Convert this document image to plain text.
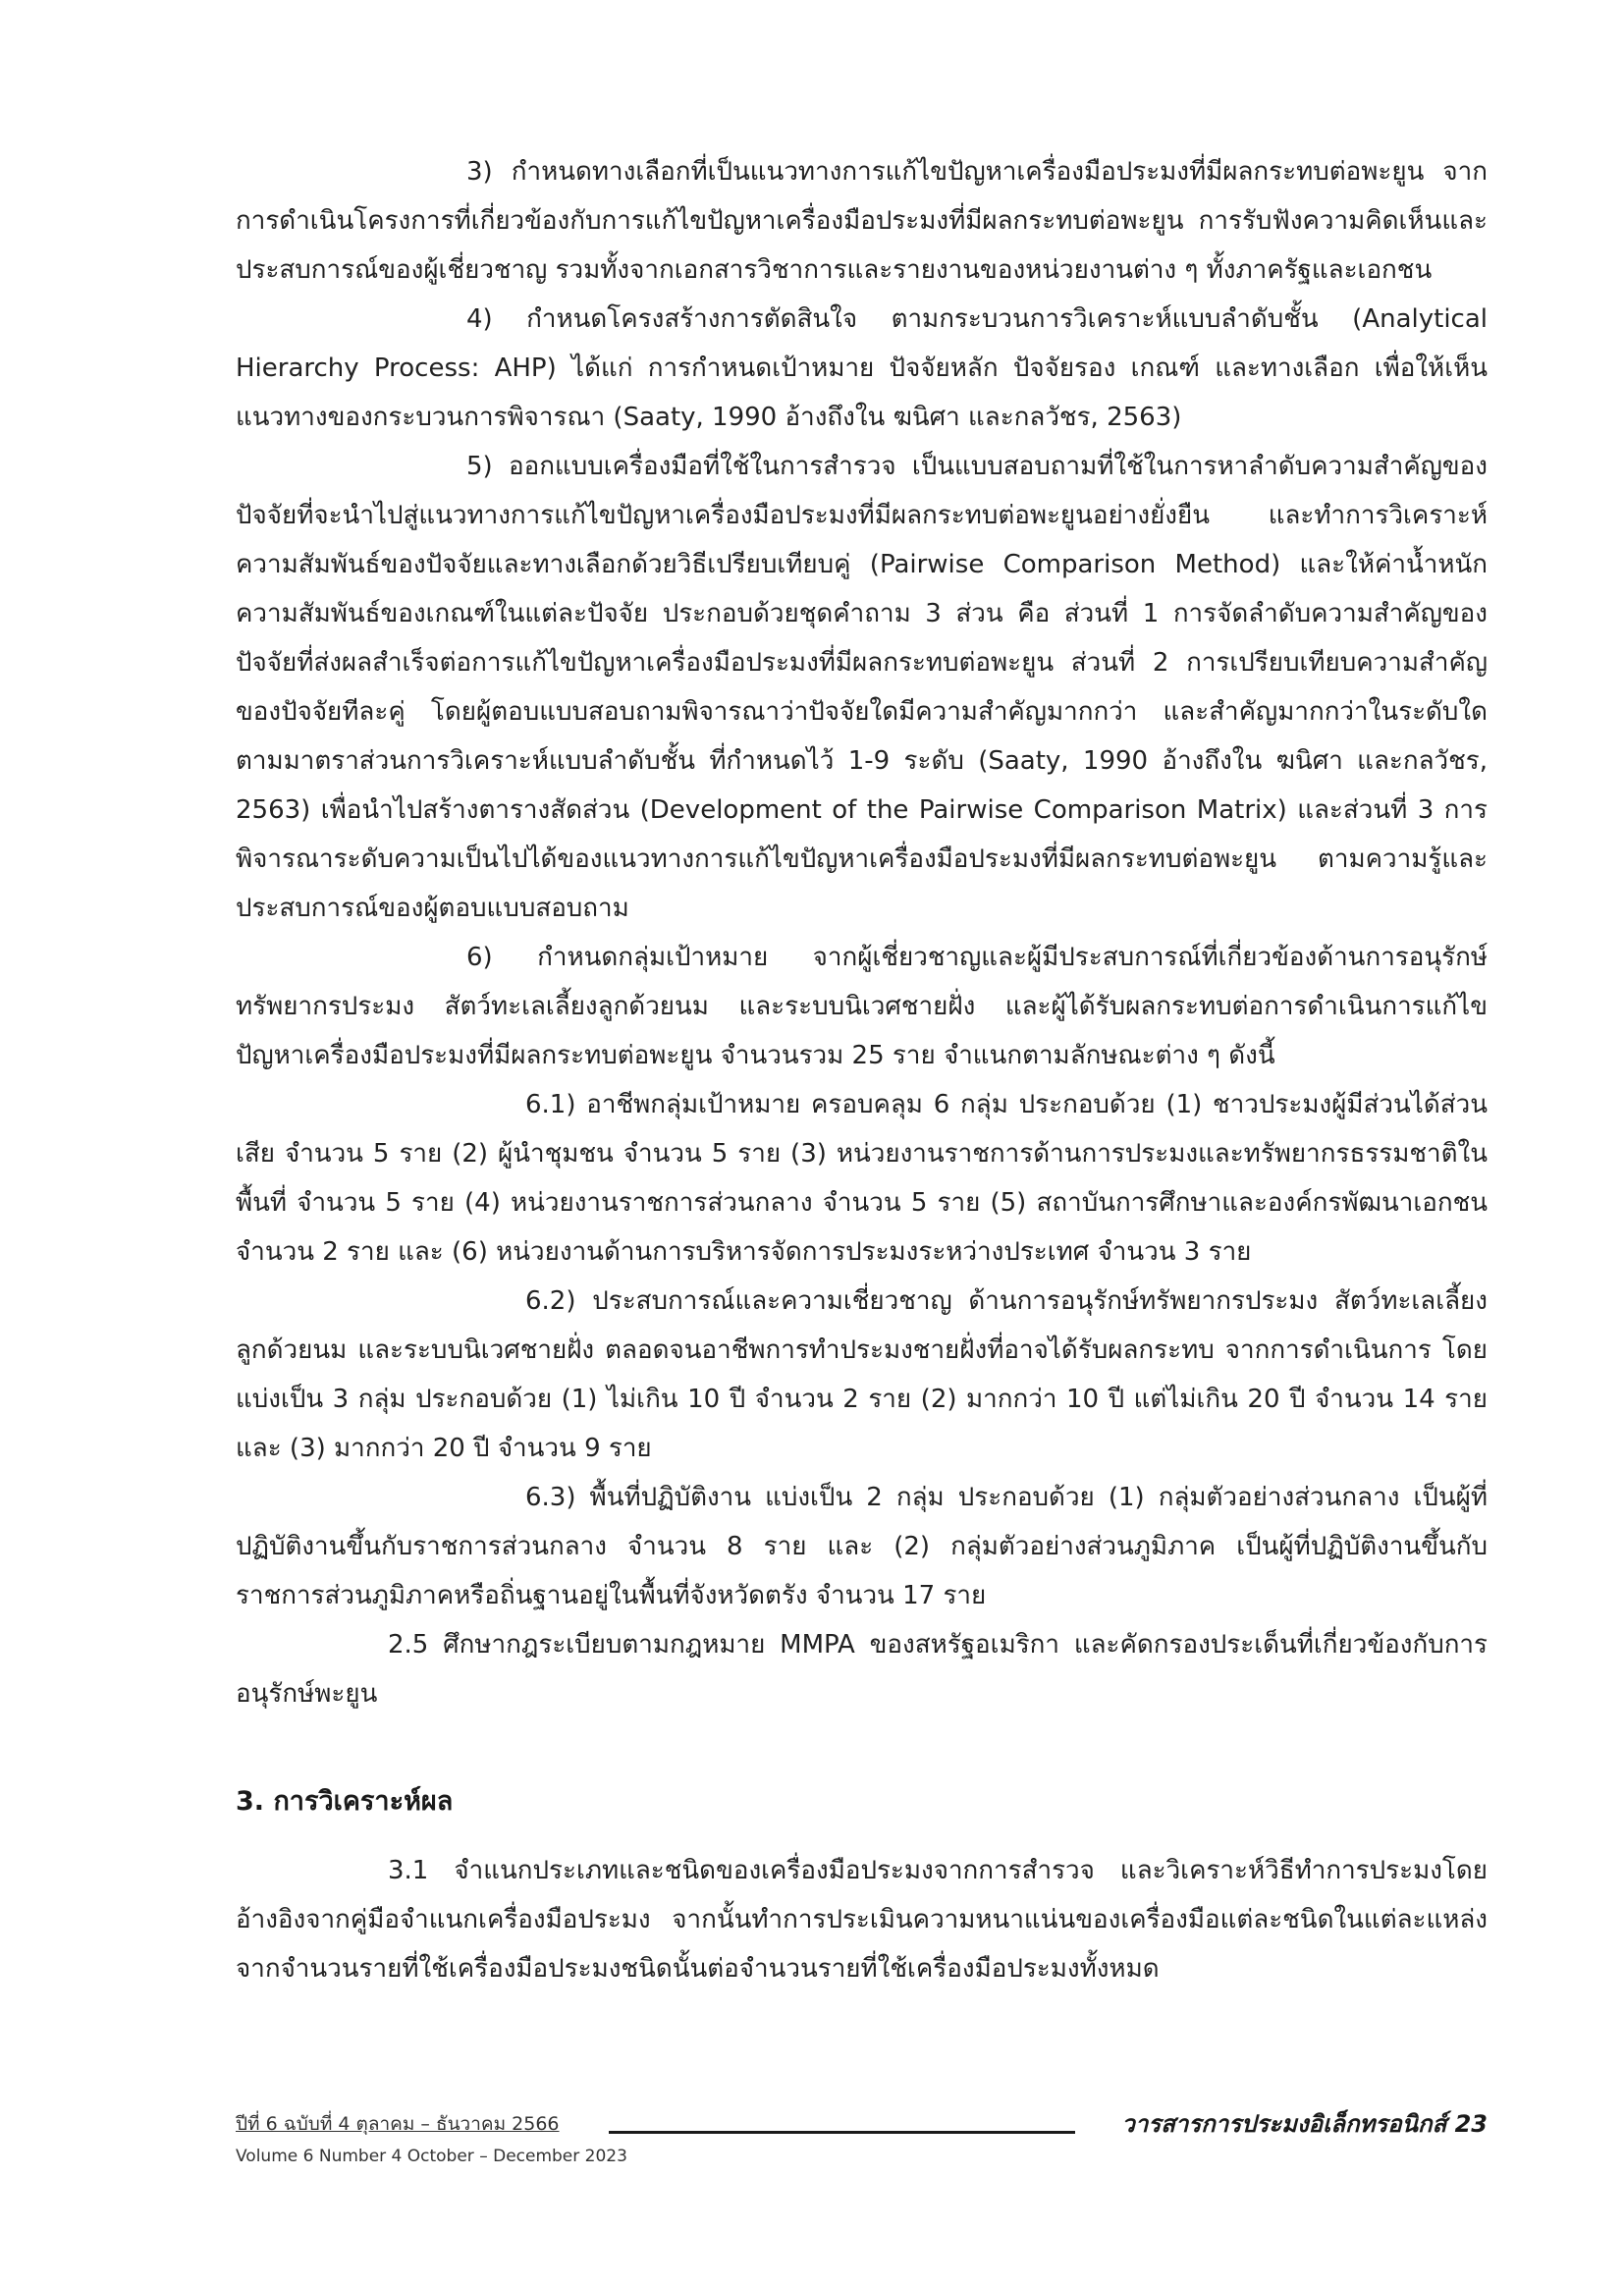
3) กำหนดทางเลือกที่เป็นแนวทางการแก้ไขปัญหาเครื่องมือประมงที่มีผลกระทบต่อพะยูน จากการดำเนินโครงการที่เกี่ยวข้องกับการแก้ไขปัญหาเครื่องมือประมงที่มีผลกระทบต่อพะยูน การรับฟังความคิดเห็นและประสบการณ์ของผู้เชี่ยวชาญ รวมทั้งจากเอกสารวิชาการและรายงานของหน่วยงานต่าง ๆ ทั้งภาครัฐและเอกชน

4) กำหนดโครงสร้างการตัดสินใจ ตามกระบวนการวิเคราะห์แบบลำดับชั้น (Analytical Hierarchy Process: AHP) ได้แก่ การกำหนดเป้าหมาย ปัจจัยหลัก ปัจจัยรอง เกณฑ์ และทางเลือก เพื่อให้เห็นแนวทางของกระบวนการพิจารณา (Saaty, 1990 อ้างถึงใน ฆนิศา และกลวัชร, 2563)

5) ออกแบบเครื่องมือที่ใช้ในการสำรวจ เป็นแบบสอบถามที่ใช้ในการหาลำดับความสำคัญของปัจจัยที่จะนำไปสู่แนวทางการแก้ไขปัญหาเครื่องมือประมงที่มีผลกระทบต่อพะยูนอย่างยั่งยืน และทำการวิเคราะห์ความสัมพันธ์ของปัจจัยและทางเลือกด้วยวิธีเปรียบเทียบคู่ (Pairwise Comparison Method) และให้ค่าน้ำหนักความสัมพันธ์ของเกณฑ์ในแต่ละปัจจัย ประกอบด้วยชุดคำถาม 3 ส่วน คือ ส่วนที่ 1 การจัดลำดับความสำคัญของปัจจัยที่ส่งผลสำเร็จต่อการแก้ไขปัญหาเครื่องมือประมงที่มีผลกระทบต่อพะยูน ส่วนที่ 2 การเปรียบเทียบความสำคัญของปัจจัยทีละคู่ โดยผู้ตอบแบบสอบถามพิจารณาว่าปัจจัยใดมีความสำคัญมากกว่า และสำคัญมากกว่าในระดับใด ตามมาตราส่วนการวิเคราะห์แบบลำดับชั้น ที่กำหนดไว้ 1-9 ระดับ (Saaty, 1990 อ้างถึงใน ฆนิศา และกลวัชร, 2563) เพื่อนำไปสร้างตารางสัดส่วน (Development of the Pairwise Comparison Matrix) และส่วนที่ 3 การพิจารณาระดับความเป็นไปได้ของแนวทางการแก้ไขปัญหาเครื่องมือประมงที่มีผลกระทบต่อพะยูน ตามความรู้และประสบการณ์ของผู้ตอบแบบสอบถาม

6) กำหนดกลุ่มเป้าหมาย จากผู้เชี่ยวชาญและผู้มีประสบการณ์ที่เกี่ยวข้องด้านการอนุรักษ์ทรัพยากรประมง สัตว์ทะเลเลี้ยงลูกด้วยนม และระบบนิเวศชายฝั่ง และผู้ได้รับผลกระทบต่อการดำเนินการแก้ไขปัญหาเครื่องมือประมงที่มีผลกระทบต่อพะยูน จำนวนรวม 25 ราย จำแนกตามลักษณะต่าง ๆ ดังนี้

6.1) อาชีพกลุ่มเป้าหมาย ครอบคลุม 6 กลุ่ม ประกอบด้วย (1) ชาวประมงผู้มีส่วนได้ส่วนเสีย จำนวน 5 ราย (2) ผู้นำชุมชน จำนวน 5 ราย (3) หน่วยงานราชการด้านการประมงและทรัพยากรธรรมชาติในพื้นที่ จำนวน 5 ราย (4) หน่วยงานราชการส่วนกลาง จำนวน 5 ราย (5) สถาบันการศึกษาและองค์กรพัฒนาเอกชน จำนวน 2 ราย และ (6) หน่วยงานด้านการบริหารจัดการประมงระหว่างประเทศ จำนวน 3 ราย

6.2) ประสบการณ์และความเชี่ยวชาญ ด้านการอนุรักษ์ทรัพยากรประมง สัตว์ทะเลเลี้ยงลูกด้วยนม และระบบนิเวศชายฝั่ง ตลอดจนอาชีพการทำประมงชายฝั่งที่อาจได้รับผลกระทบ จากการดำเนินการ โดยแบ่งเป็น 3 กลุ่ม ประกอบด้วย (1) ไม่เกิน 10 ปี จำนวน 2 ราย (2) มากกว่า 10 ปี แต่ไม่เกิน 20 ปี จำนวน 14 ราย และ (3) มากกว่า 20 ปี จำนวน 9 ราย

6.3) พื้นที่ปฏิบัติงาน แบ่งเป็น 2 กลุ่ม ประกอบด้วย (1) กลุ่มตัวอย่างส่วนกลาง เป็นผู้ที่ปฏิบัติงานขึ้นกับราชการส่วนกลาง จำนวน 8 ราย และ (2) กลุ่มตัวอย่างส่วนภูมิภาค เป็นผู้ที่ปฏิบัติงานขึ้นกับราชการส่วนภูมิภาคหรือถิ่นฐานอยู่ในพื้นที่จังหวัดตรัง จำนวน 17 ราย

2.5 ศึกษากฎระเบียบตามกฎหมาย MMPA ของสหรัฐอเมริกา และคัดกรองประเด็นที่เกี่ยวข้องกับการอนุรักษ์พะยูน

3. การวิเคราะห์ผล

3.1 จำแนกประเภทและชนิดของเครื่องมือประมงจากการสำรวจ และวิเคราะห์วิธีทำการประมงโดยอ้างอิงจากคู่มือจำแนกเครื่องมือประมง จากนั้นทำการประเมินความหนาแน่นของเครื่องมือแต่ละชนิดในแต่ละแหล่ง จากจำนวนรายที่ใช้เครื่องมือประมงชนิดนั้นต่อจำนวนรายที่ใช้เครื่องมือประมงทั้งหมด

ปีที่ 6 ฉบับที่ 4 ตุลาคม – ธันวาคม 2566	วารสารการประมงอิเล็กทรอนิกส์ 23
Volume 6 Number 4 October – December 2023
